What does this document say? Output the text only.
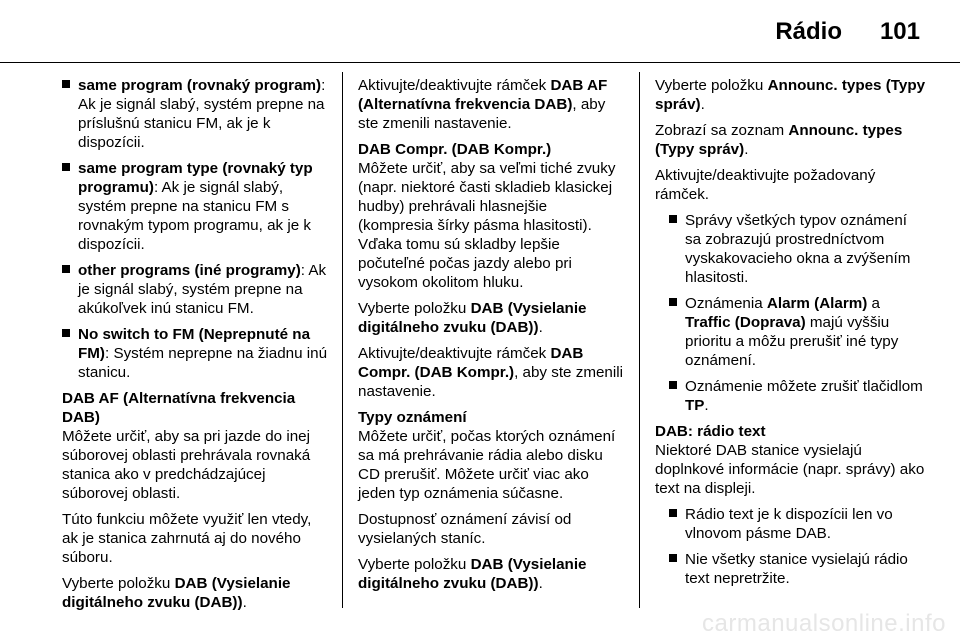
Rádio 101
same program (rovnaký program): Ak je signál slabý, systém prepne na príslušnú stanicu FM, ak je k dispozícii.
same program type (rovnaký typ programu): Ak je signál slabý, systém prepne na stanicu FM s rovnakým typom programu, ak je k dispozícii.
other programs (iné programy): Ak je signál slabý, systém prepne na akúkoľvek inú stanicu FM.
No switch to FM (Neprepnuté na FM): Systém neprepne na žiadnu inú stanicu.

DAB AF (Alternatívna frekvencia DAB)

Môžete určiť, aby sa pri jazde do inej súborovej oblasti prehrávala rovnaká stanica ako v predchádzajúcej súborovej oblasti.

Túto funkciu môžete využiť len vtedy, ak je stanica zahrnutá aj do nového súboru.

Vyberte položku DAB (Vysielanie digitálneho zvuku (DAB)).

Aktivujte/deaktivujte rámček DAB AF (Alternatívna frekvencia DAB), aby ste zmenili nastavenie.

DAB Compr. (DAB Kompr.)

Môžete určiť, aby sa veľmi tiché zvuky (napr. niektoré časti skladieb klasickej hudby) prehrávali hlasnejšie (kompresia šírky pásma hlasitosti). Vďaka tomu sú skladby lepšie počuteľné počas jazdy alebo pri vysokom okolitom hluku.

Vyberte položku DAB (Vysielanie digitálneho zvuku (DAB)).

Aktivujte/deaktivujte rámček DAB Compr. (DAB Kompr.), aby ste zmenili nastavenie.

Typy oznámení

Môžete určiť, počas ktorých oznámení sa má prehrávanie rádia alebo disku CD prerušiť. Môžete určiť viac ako jeden typ oznámenia súčasne.

Dostupnosť oznámení závisí od vysielaných staníc.

Vyberte položku DAB (Vysielanie digitálneho zvuku (DAB)).

Vyberte položku Announc. types (Typy správ).

Zobrazí sa zoznam Announc. types (Typy správ).

Aktivujte/deaktivujte požadovaný rámček.

Správy všetkých typov oznámení sa zobrazujú prostredníctvom vyskakovacieho okna a zvýšením hlasitosti.
Oznámenia Alarm (Alarm) a Traffic (Doprava) majú vyššiu prioritu a môžu prerušiť iné typy oznámení.
Oznámenie môžete zrušiť tlačidlom TP.

DAB: rádio text

Niektoré DAB stanice vysielajú doplnkové informácie (napr. správy) ako text na displeji.

Rádio text je k dispozícii len vo vlnovom pásme DAB.
Nie všetky stanice vysielajú rádio text nepretržite.
carmanualsonline.info
